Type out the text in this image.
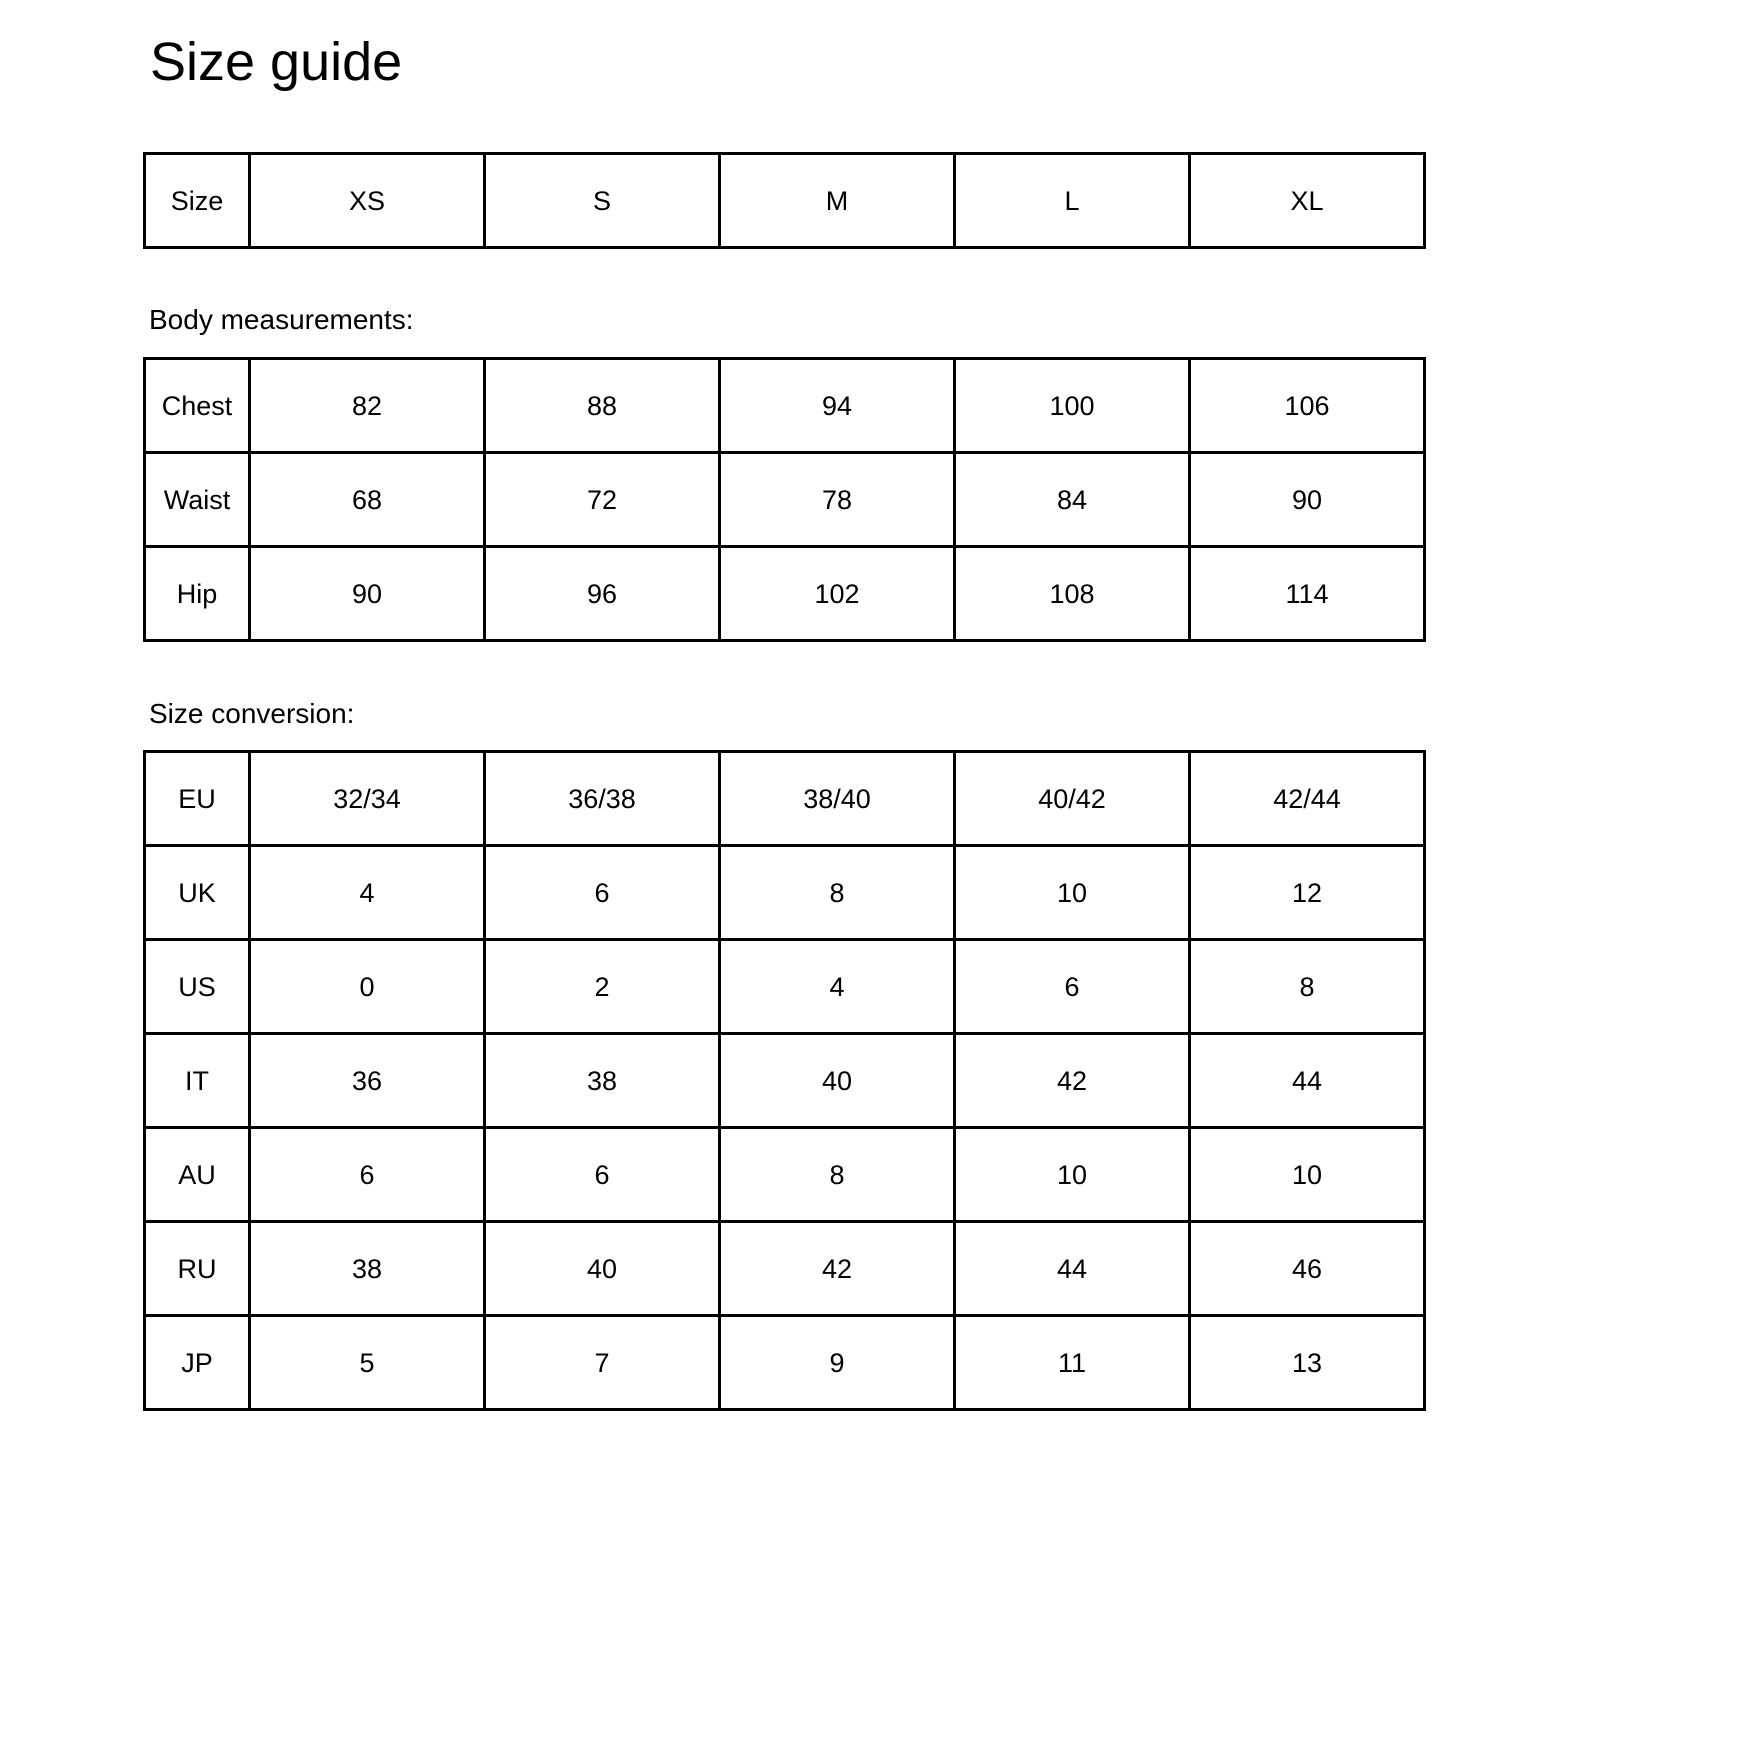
Size guide
Size	XS	S	M	L	XL
Body measurements:
Chest	82	88	94	100	106
Waist	68	72	78	84	90
Hip	90	96	102	108	114
Size conversion:
EU	32/34	36/38	38/40	40/42	42/44
UK	4	6	8	10	12
US	0	2	4	6	8
IT	36	38	40	42	44
AU	6	6	8	10	10
RU	38	40	42	44	46
JP	5	7	9	11	13
